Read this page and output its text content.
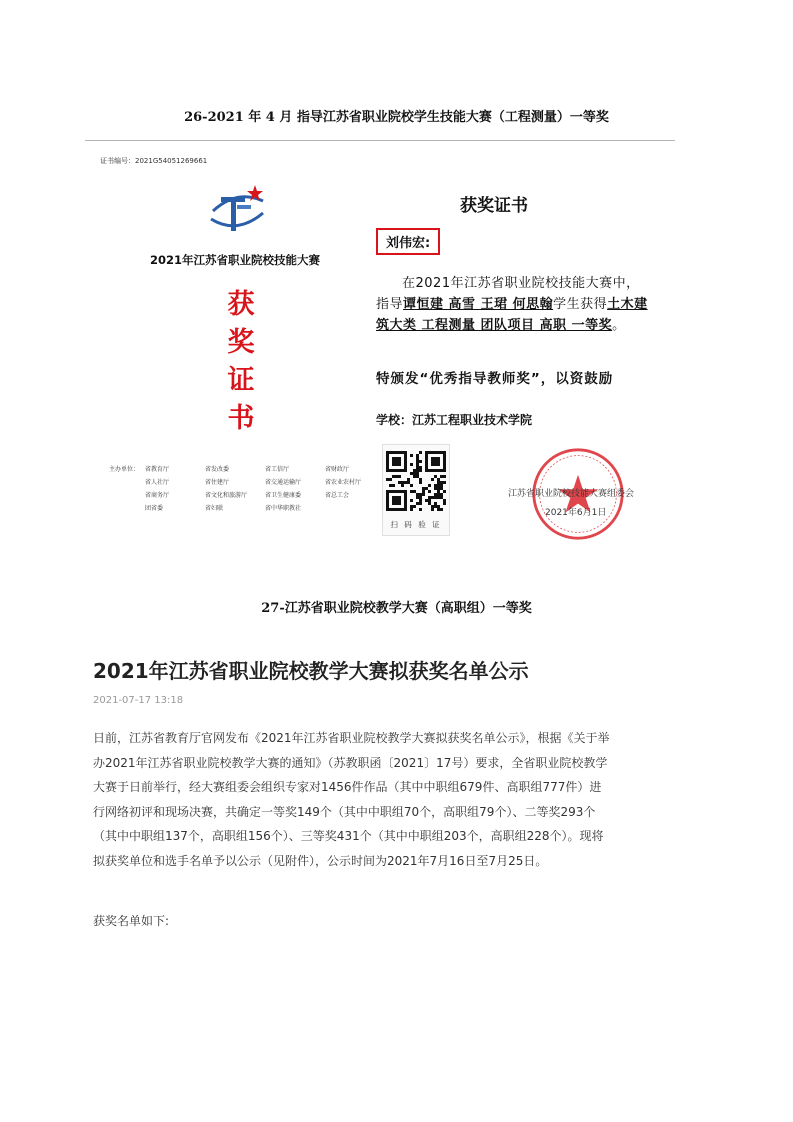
26-2021 年 4 月 指导江苏省职业院校学生技能大赛（工程测量）一等奖
证书编号：2021G54051269661
2021年江苏省职业院校技能大赛
获
奖
证
书
主办单位： 省教育厅	省发改委	省工信厅	省财政厅
省人社厅	省住建厅	省交通运输厅	省农业农村厅
省商务厅	省文化和旅游厅	省卫生健康委	省总工会
团省委	省妇联	省中华职教社
获奖证书
刘伟宏:
在2021年江苏省职业院校技能大赛中，指导谭恒建 高雪 王珺 何思翰学生获得土木建筑大类 工程测量 团队项目 高职 一等奖。
特颁发“优秀指导教师奖”，以资鼓励
学校：江苏工程职业技术学院
扫 码 验 证
江苏省职业院校技能大赛组委会
2021年6月1日
27-江苏省职业院校教学大赛（高职组）一等奖
2021年江苏省职业院校教学大赛拟获奖名单公示
2021-07-17 13:18
日前，江苏省教育厅官网发布《2021年江苏省职业院校教学大赛拟获奖名单公示》，根据《关于举办2021年江苏省职业院校教学大赛的通知》（苏教职函〔2021〕17号）要求，全省职业院校教学大赛于日前举行，经大赛组委会组织专家对1456件作品（其中中职组679件、高职组777件）进行网络初评和现场决赛，共确定一等奖149个（其中中职组70个，高职组79个）、二等奖293个（其中中职组137个，高职组156个）、三等奖431个（其中中职组203个，高职组228个）。现将拟获奖单位和选手名单予以公示（见附件），公示时间为2021年7月16日至7月25日。
获奖名单如下:
